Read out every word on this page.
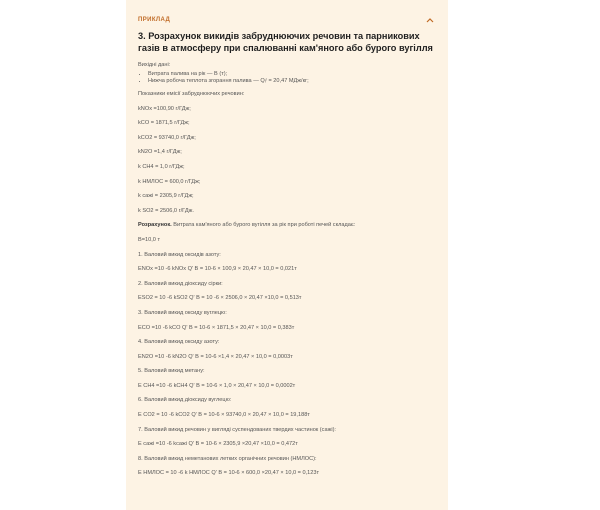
ПРИКЛАД
3. Розрахунок викидів забруднюючих речовин та парникових газів в атмосферу при спалюванні кам'яного або бурого вугілля

Вихідні дані:

• Витрата палива на рік — B (т);
• Нижча робоча теплота згорання палива — Qᵢʳ = 20,47 МДж/кг;

Показники емісії забруднюючих речовин:

kNOx =100,90 г/ГДж;

kCO = 1871,5 г/ГДж;

kCO2 = 93740,0 г/ГДж;

kN2O =1,4 г/ГДж;

k CH4 = 1,0 г/ГДж;

k НМЛОС = 600,0 г/ГДж;

k сажі = 2305,9 г/ГДж;

k SO2 = 2506,0 г/ГДж.

Розрахунок. Витрата кам'яного або бурого вугілля за рік при роботі печей складає:

B=10,0 т

1. Валовий викид оксидів азоту:

ENOx =10 -6 kNOx Q' B = 10-6 × 100,9 × 20,47 × 10,0 = 0,021т

2. Валовий викид діоксиду сірки:

ESO2 = 10 -6 kSO2 Q' B = 10 -6 × 2506,0 × 20,47 ×10,0 = 0,513т

3. Валовий викид оксиду вуглецю:

ECO =10 -6 kCO Q' B = 10-6 × 1871,5 × 20,47 × 10,0 = 0,383т

4. Валовий викид оксиду азоту:

EN2O =10 -6 kN2O Q' B = 10-6 ×1,4 × 20,47 × 10,0 = 0,0003т

5. Валовий викид метану:

E CH4 =10 -6 kCH4 Q' B = 10-6 × 1,0 × 20,47 × 10,0 = 0,0002т

6. Валовий викид діоксиду вуглецю:

E CO2 = 10 -6 kCO2 Q' B = 10-6 × 93740,0 × 20,47 × 10,0 = 19,188т

7. Валовий викид речовин у вигляді суспендованих твердих частинок (сажі):

E сажі =10 -6 kсажі Q' B = 10-6 × 2305,9 ×20,47 ×10,0 = 0,472т

8. Валовий викид неметанових летких органічних речовин (НМЛОС):

E НМЛОС = 10 -6 k НМЛОС Q' B = 10-6 × 600,0 ×20,47 × 10,0 = 0,123т
